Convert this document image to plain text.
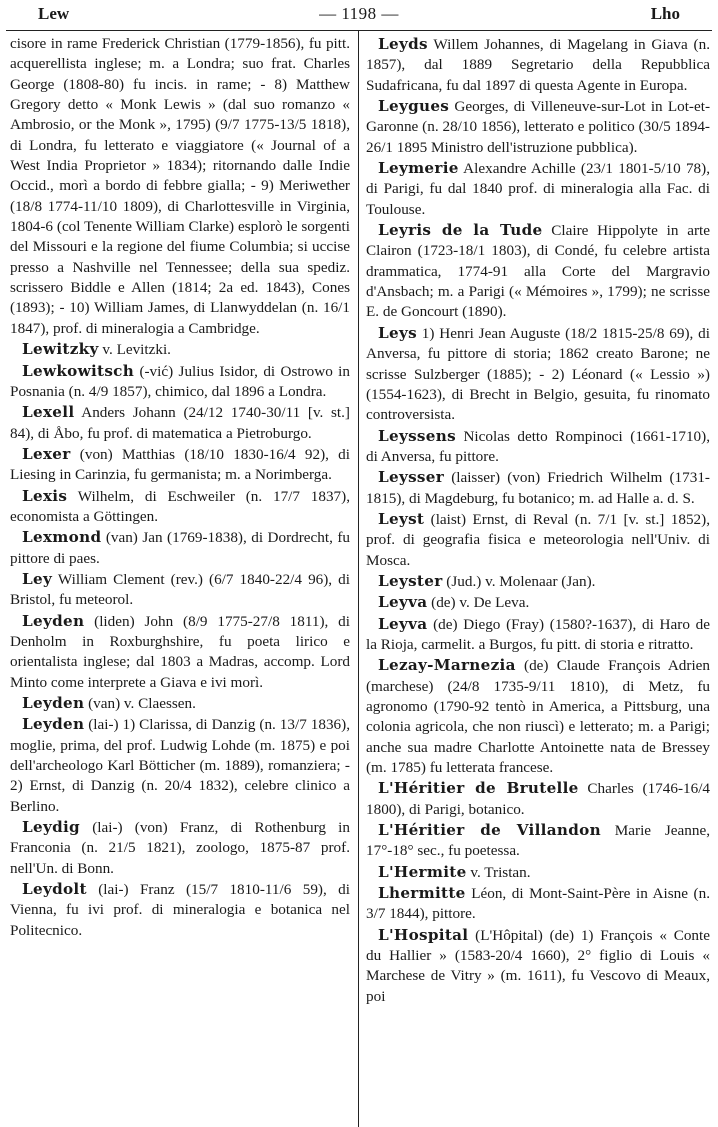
Lew	— 1198 —	Lho
cisore in rame Frederick Christian (1779-1856), fu pitt. acquerellista inglese; m. a Londra; suo frat. Charles George (1808-80) fu incis. in rame; - 8) Matthew Gregory detto « Monk Lewis » (dal suo romanzo « Ambrosio, or the Monk », 1795) (9/7 1775-13/5 1818), di Londra, fu letterato e viaggiatore (« Journal of a West India Proprietor » 1834); ritornando dalle Indie Occid., morì a bordo di febbre gialla; - 9) Meriwether (18/8 1774-11/10 1809), di Charlottesville in Virginia, 1804-6 (col Tenente William Clarke) esplorò le sorgenti del Missouri e la regione del fiume Columbia; si uccise presso a Nashville nel Tennessee; della sua spediz. scrissero Biddle e Allen (1814; 2a ed. 1843), Cones (1893); - 10) William James, di Llanwyddelan (n. 16/1 1847), prof. di mineralogia a Cambridge.
Lewitzky v. Levitzki.
Lewkowitsch (-vić) Julius Isidor, di Ostrowo in Posnania (n. 4/9 1857), chimico, dal 1896 a Londra.
Lexell Anders Johann (24/12 1740-30/11 [v. st.] 84), di Åbo, fu prof. di matematica a Pietroburgo.
Lexer (von) Matthias (18/10 1830-16/4 92), di Liesing in Carinzia, fu germanista; m. a Norimberga.
Lexis Wilhelm, di Eschweiler (n. 17/7 1837), economista a Göttingen.
Lexmond (van) Jan (1769-1838), di Dordrecht, fu pittore di paes.
Ley William Clement (rev.) (6/7 1840-22/4 96), di Bristol, fu meteorol.
Leyden (liden) John (8/9 1775-27/8 1811), di Denholm in Roxburghshire, fu poeta lirico e orientalista inglese; dal 1803 a Madras, accomp. Lord Minto come interprete a Giava e ivi morì.
Leyden (van) v. Claessen.
Leyden (lai-) 1) Clarissa, di Danzig (n. 13/7 1836), moglie, prima, del prof. Ludwig Lohde (m. 1875) e poi dell'archeologo Karl Bötticher (m. 1889), romanziera; - 2) Ernst, di Danzig (n. 20/4 1832), celebre clinico a Berlino.
Leydig (lai-) (von) Franz, di Rothenburg in Franconia (n. 21/5 1821), zoologo, 1875-87 prof. nell'Un. di Bonn.
Leydolt (lai-) Franz (15/7 1810-11/6 59), di Vienna, fu ivi prof. di mineralogia e botanica nel Politecnico.
Leyds Willem Johannes, di Magelang in Giava (n. 1857), dal 1889 Segretario della Repubblica Sudafricana, fu dal 1897 di questa Agente in Europa.
Leygues Georges, di Villeneuve-sur-Lot in Lot-et-Garonne (n. 28/10 1856), letterato e politico (30/5 1894-26/1 1895 Ministro dell'istruzione pubblica).
Leymerie Alexandre Achille (23/1 1801-5/10 78), di Parigi, fu dal 1840 prof. di mineralogia alla Fac. di Toulouse.
Leyris de la Tude Claire Hippolyte in arte Clairon (1723-18/1 1803), di Condé, fu celebre artista drammatica, 1774-91 alla Corte del Margravio d'Ansbach; m. a Parigi (« Mémoires », 1799); ne scrisse E. de Goncourt (1890).
Leys 1) Henri Jean Auguste (18/2 1815-25/8 69), di Anversa, fu pittore di storia; 1862 creato Barone; ne scrisse Sulzberger (1885); - 2) Léonard (« Lessio ») (1554-1623), di Brecht in Belgio, gesuita, fu rinomato controversista.
Leyssens Nicolas detto Rompinoci (1661-1710), di Anversa, fu pittore.
Leysser (laisser) (von) Friedrich Wilhelm (1731-1815), di Magdeburg, fu botanico; m. ad Halle a. d. S.
Leyst (laist) Ernst, di Reval (n. 7/1 [v. st.] 1852), prof. di geografia fisica e meteorologia nell'Univ. di Mosca.
Leyster (Jud.) v. Molenaar (Jan).
Leyva (de) v. De Leva.
Leyva (de) Diego (Fray) (1580?-1637), di Haro de la Rioja, carmelit. a Burgos, fu pitt. di storia e ritratto.
Lezay-Marnezia (de) Claude François Adrien (marchese) (24/8 1735-9/11 1810), di Metz, fu agronomo (1790-92 tentò in America, a Pittsburg, una colonia agricola, che non riuscì) e letterato; m. a Parigi; anche sua madre Charlotte Antoinette nata de Bressey (m. 1785) fu letterata francese.
L'Héritier de Brutelle Charles (1746-16/4 1800), di Parigi, botanico.
L'Héritier de Villandon Marie Jeanne, 17°-18° sec., fu poetessa.
L'Hermite v. Tristan.
Lhermitte Léon, di Mont-Saint-Père in Aisne (n. 3/7 1844), pittore.
L'Hospital (L'Hôpital) (de) 1) François « Conte du Hallier » (1583-20/4 1660), 2° figlio di Louis « Marchese de Vitry » (m. 1611), fu Vescovo di Meaux, poi
